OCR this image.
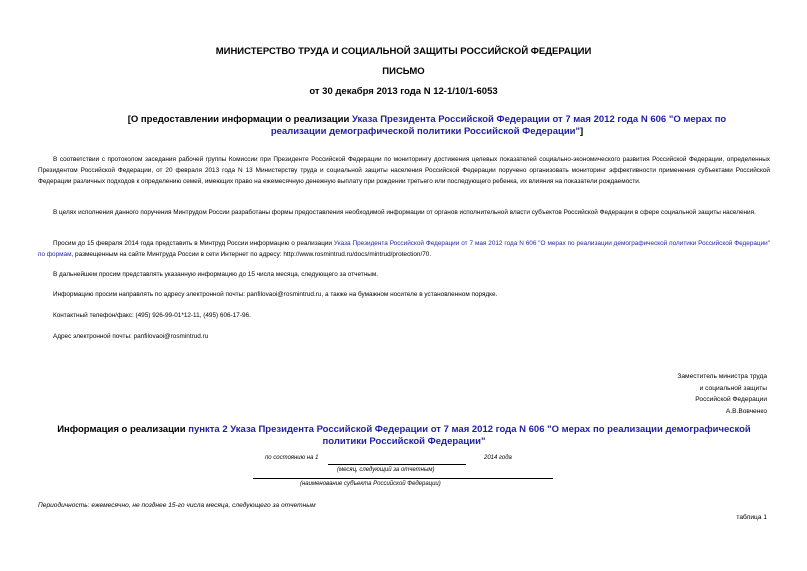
МИНИСТЕРСТВО ТРУДА И СОЦИАЛЬНОЙ ЗАЩИТЫ РОССИЙСКОЙ ФЕДЕРАЦИИ
ПИСЬМО
от 30 декабря 2013 года N 12-1/10/1-6053
[О предоставлении информации о реализации Указа Президента Российской Федерации от 7 мая 2012 года N 606 "О мерах по реализации демографической политики Российской Федерации"]
В соответствии с протоколом заседания рабочей группы Комиссии при Президенте Российской Федерации по мониторингу достижения целевых показателей социально-экономического развития Российской Федерации, определенных Президентом Российской Федерации, от 20 февраля 2013 года N 13 Министерству труда и социальной защиты населения Российской Федерации поручено организовать мониторинг эффективности применения субъектами Российской Федерации различных подходов к определению семей, имеющих право на ежемесячную денежную выплату при рождении третьего или последующего ребенка, их влияния на показатели рождаемости.
В целях исполнения данного поручения Минтрудом России разработаны формы предоставления необходимой информации от органов исполнительной власти субъектов Российской Федерации в сфере социальной защиты населения.
Просим до 15 февраля 2014 года представить в Минтруд России информацию о реализации Указа Президента Российской Федерации от 7 мая 2012 года N 606 "О мерах по реализации демографической политики Российской Федерации" по формам, размещенным на сайте Минтруда России в сети Интернет по адресу: http://www.rosmintrud.ru/docs/mintrud/protection/70.
В дальнейшем просим представлять указанную информацию до 15 числа месяца, следующего за отчетным.
Информацию просим направлять по адресу электронной почты: panfilovaoi@rosmintrud.ru, а также на бумажном носителе в установленном порядке.
Контактный телефон/факс: (495) 926-99-01*12-11, (495) 606-17-96.
Адрес электронной почты: panfilovaoi@rosmintrud.ru
Заместитель министра труда
и социальной защиты
Российской Федерации
А.В.Вовченко
Информация о реализации пункта 2 Указа Президента Российской Федерации от 7 мая 2012 года N 606 "О мерах по реализации демографической политики Российской Федерации"
по состоянию на 1	2014 года
(месяц, следующий за отчетным)
(наименование субъекта Российской Федерации)
Периодичность: ежемесячно, не позднее 15-го числа месяца, следующего за отчетным
таблица 1
